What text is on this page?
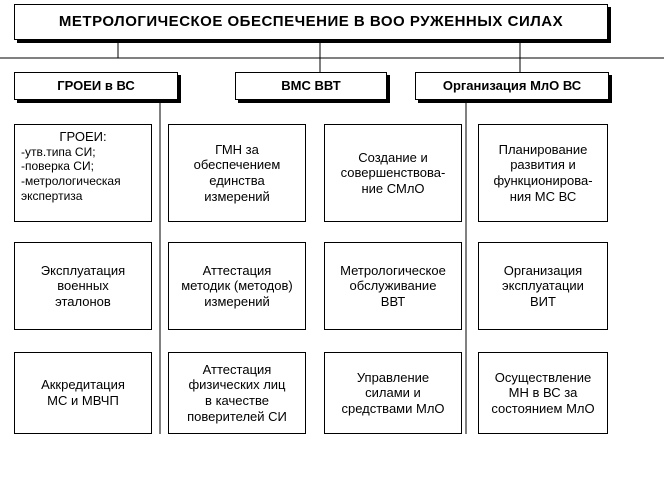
МЕТРОЛОГИЧЕСКОЕ ОБЕСПЕЧЕНИЕ В ВОО РУЖЕННЫХ СИЛАХ
ГРОЕИ в ВС	ВМС ВВТ	Организация МлО ВС
ГРОЕИ:
-утв.типа СИ;
-поверка СИ;
-метрологическая
экспертиза
ГМН за
обеспечением
единства
измерений
Создание и
совершенствова-
ние СМлО
Планирование
развития и
функционирова-
ния МС ВС
Эксплуатация
военных
эталонов
Аттестация
методик (методов)
измерений
Метрологическое
обслуживание
ВВТ
Организация
эксплуатации
ВИТ
Аккредитация
МС и МВЧП
Аттестация
физических лиц
в качестве
поверителей СИ
Управление
силами и
средствами МлО
Осуществление
МН в ВС за
состоянием МлО
